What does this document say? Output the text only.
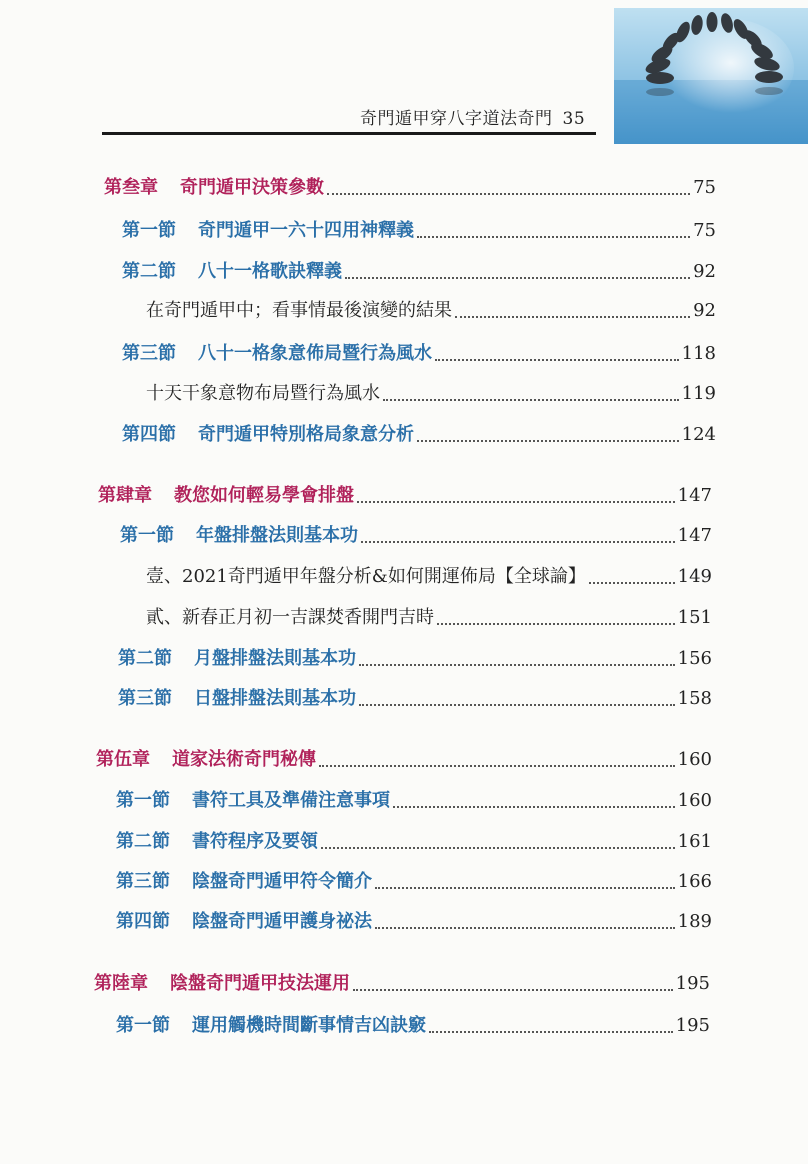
奇門遁甲穿八字道法奇門 35
第叁章 奇門遁甲決策參數	75
第一節 奇門遁甲一六十四用神釋義	75
第二節 八十一格歌訣釋義	92
在奇門遁甲中；看事情最後演變的結果	92
第三節 八十一格象意佈局暨行為風水	118
十天干象意物布局暨行為風水	119
第四節 奇門遁甲特別格局象意分析	124
第肆章 教您如何輕易學會排盤	147
第一節 年盤排盤法則基本功	147
壹、2021奇門遁甲年盤分析&如何開運佈局【全球論】	149
貳、新春正月初一吉課焚香開門吉時	151
第二節 月盤排盤法則基本功	156
第三節 日盤排盤法則基本功	158
第伍章 道家法術奇門秘傳	160
第一節 書符工具及準備注意事項	160
第二節 書符程序及要領	161
第三節 陰盤奇門遁甲符令簡介	166
第四節 陰盤奇門遁甲護身祕法	189
第陸章 陰盤奇門遁甲技法運用	195
第一節 運用觸機時間斷事情吉凶訣竅	195
